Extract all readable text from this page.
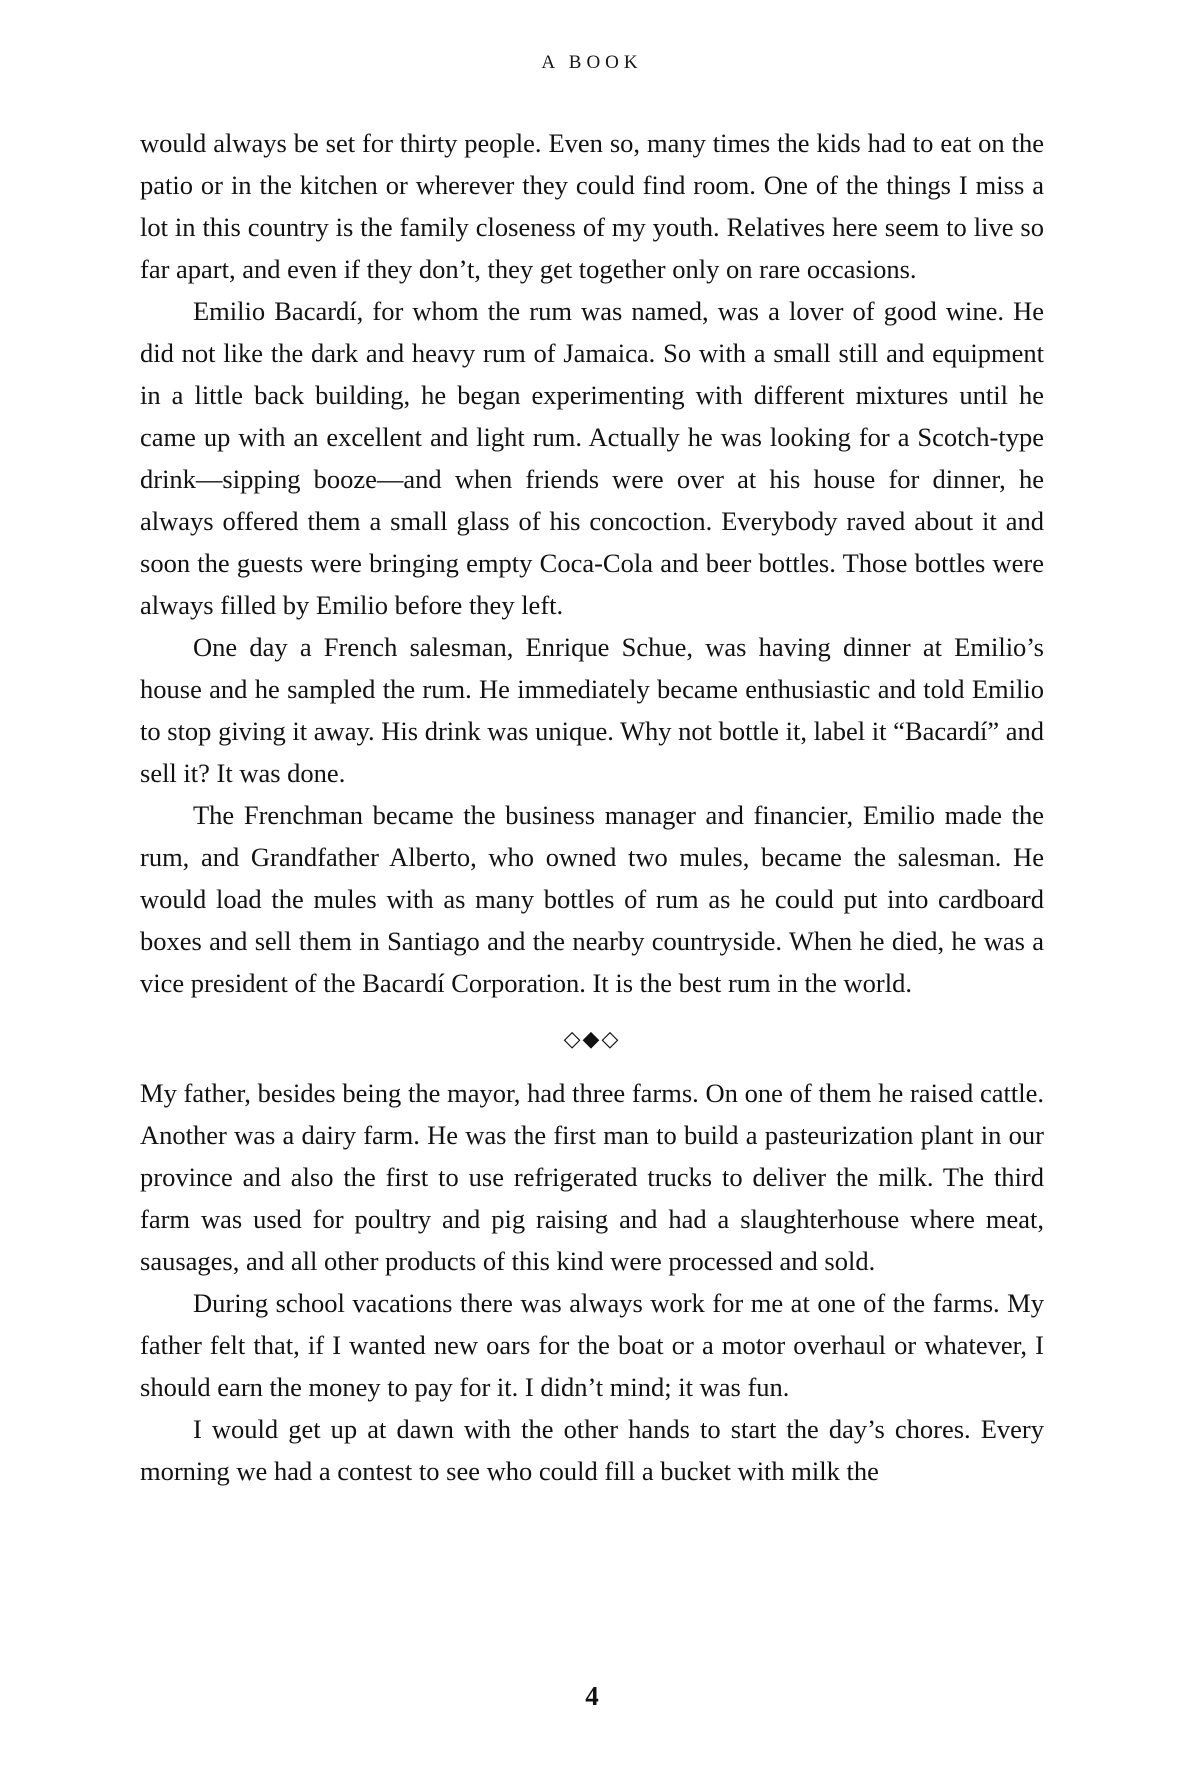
A BOOK

would always be set for thirty people. Even so, many times the kids had to eat on the patio or in the kitchen or wherever they could find room. One of the things I miss a lot in this country is the family closeness of my youth. Relatives here seem to live so far apart, and even if they don’t, they get together only on rare occasions.

Emilio Bacardí, for whom the rum was named, was a lover of good wine. He did not like the dark and heavy rum of Jamaica. So with a small still and equipment in a little back building, he began experimenting with different mixtures until he came up with an excellent and light rum. Actually he was looking for a Scotch-type drink—sipping booze—and when friends were over at his house for dinner, he always offered them a small glass of his concoction. Everybody raved about it and soon the guests were bringing empty Coca-Cola and beer bottles. Those bottles were always filled by Emilio before they left.

One day a French salesman, Enrique Schue, was having dinner at Emilio’s house and he sampled the rum. He immediately became enthusiastic and told Emilio to stop giving it away. His drink was unique. Why not bottle it, label it “Bacardí” and sell it? It was done.

The Frenchman became the business manager and financier, Emilio made the rum, and Grandfather Alberto, who owned two mules, became the salesman. He would load the mules with as many bottles of rum as he could put into cardboard boxes and sell them in Santiago and the nearby countryside. When he died, he was a vice president of the Bacardí Corporation. It is the best rum in the world.

◇◆◇

My father, besides being the mayor, had three farms. On one of them he raised cattle. Another was a dairy farm. He was the first man to build a pasteurization plant in our province and also the first to use refrigerated trucks to deliver the milk. The third farm was used for poultry and pig raising and had a slaughterhouse where meat, sausages, and all other products of this kind were processed and sold.

During school vacations there was always work for me at one of the farms. My father felt that, if I wanted new oars for the boat or a motor overhaul or whatever, I should earn the money to pay for it. I didn’t mind; it was fun.

I would get up at dawn with the other hands to start the day’s chores. Every morning we had a contest to see who could fill a bucket with milk the

4
